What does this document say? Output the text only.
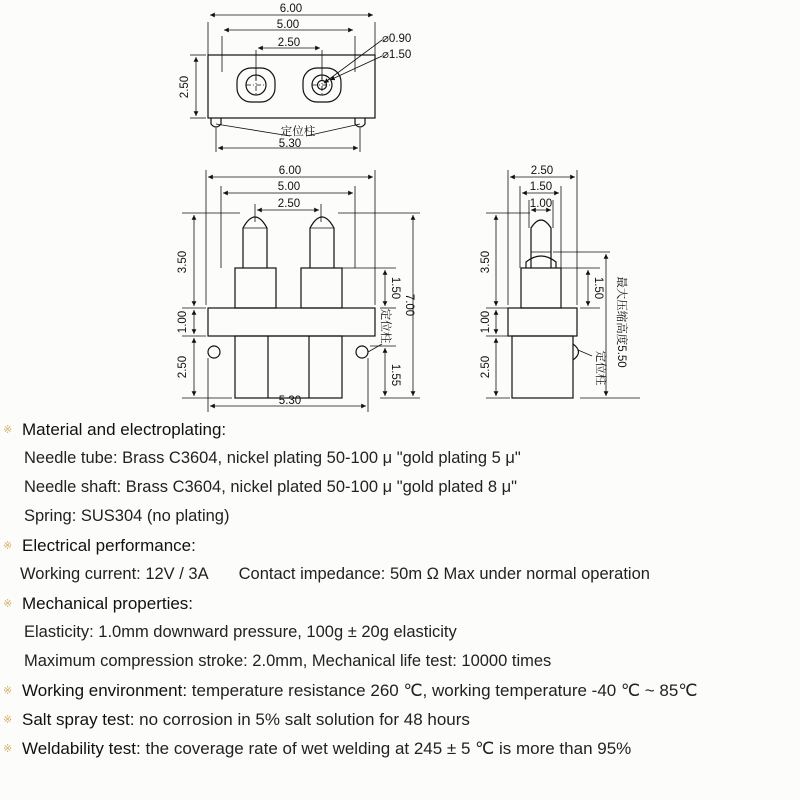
6.00
5.00
2.50
2.50
⌀0.90
⌀1.50
定位柱
5.30
6.00
5.00
2.50
3.50
1.00
2.50
1.50
7.00
1.55
定位柱
5.30
2.50
1.50
1.00
3.50
1.00
2.50
1.50 最大压缩高度5.50
定位柱
※ Material and electroplating:
Needle tube: Brass C3604, nickel plating 50-100 μ "gold plating 5 μ"
Needle shaft: Brass C3604, nickel plated 50-100 μ "gold plated 8 μ"
Spring: SUS304 (no plating)
※ Electrical performance:
Working current: 12V / 3A Contact impedance: 50m Ω Max under normal operation
※ Mechanical properties:
Elasticity: 1.0mm downward pressure, 100g ± 20g elasticity
Maximum compression stroke: 2.0mm, Mechanical life test: 10000 times
※ Working environment: temperature resistance 260 ℃, working temperature -40 ℃ ~ 85℃
※ Salt spray test: no corrosion in 5% salt solution for 48 hours
※ Weldability test: the coverage rate of wet welding at 245 ± 5 ℃ is more than 95%
